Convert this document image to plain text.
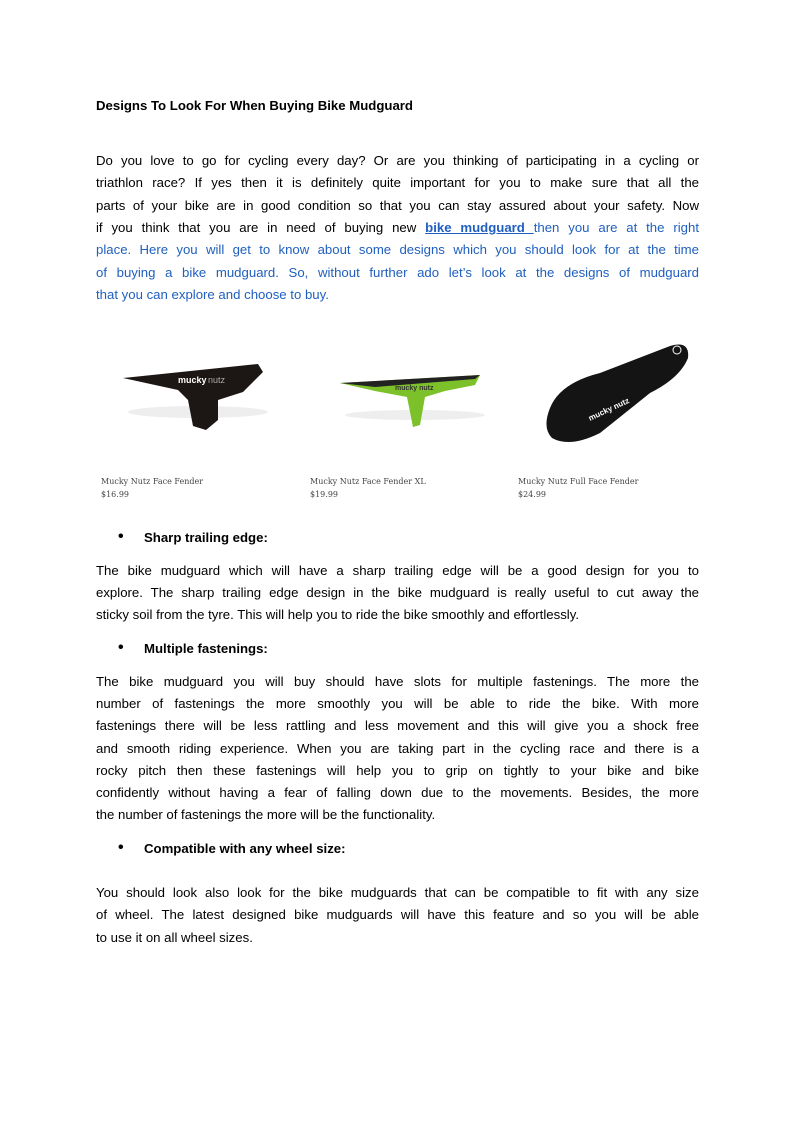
Designs To Look For When Buying Bike Mudguard
Do you love to go for cycling every day? Or are you thinking of participating in a cycling or
triathlon race? If yes then it is definitely quite important for you to make sure that all the
parts of your bike are in good condition so that you can stay assured about your safety. Now
if you think that you are in need of buying new bike mudguard then you are at the right
place. Here you will get to know about some designs which you should look for at the time
of buying a bike mudguard. So, without further ado let’s look at the designs of mudguard
that you can explore and choose to buy.
mucky nutz
mucky nutz
mucky nutz
Mucky Nutz Face Fender
$16.99
Mucky Nutz Face Fender XL
$19.99
Mucky Nutz Full Face Fender
$24.99
• Sharp trailing edge:
The bike mudguard which will have a sharp trailing edge will be a good design for you to
explore. The sharp trailing edge design in the bike mudguard is really useful to cut away the
sticky soil from the tyre. This will help you to ride the bike smoothly and effortlessly.
• Multiple fastenings:
The bike mudguard you will buy should have slots for multiple fastenings. The more the
number of fastenings the more smoothly you will be able to ride the bike. With more
fastenings there will be less rattling and less movement and this will give you a shock free
and smooth riding experience. When you are taking part in the cycling race and there is a
rocky pitch then these fastenings will help you to grip on tightly to your bike and bike
confidently without having a fear of falling down due to the movements. Besides, the more
the number of fastenings the more will be the functionality.
• Compatible with any wheel size:
You should look also look for the bike mudguards that can be compatible to fit with any size
of wheel. The latest designed bike mudguards will have this feature and so you will be able
to use it on all wheel sizes.
